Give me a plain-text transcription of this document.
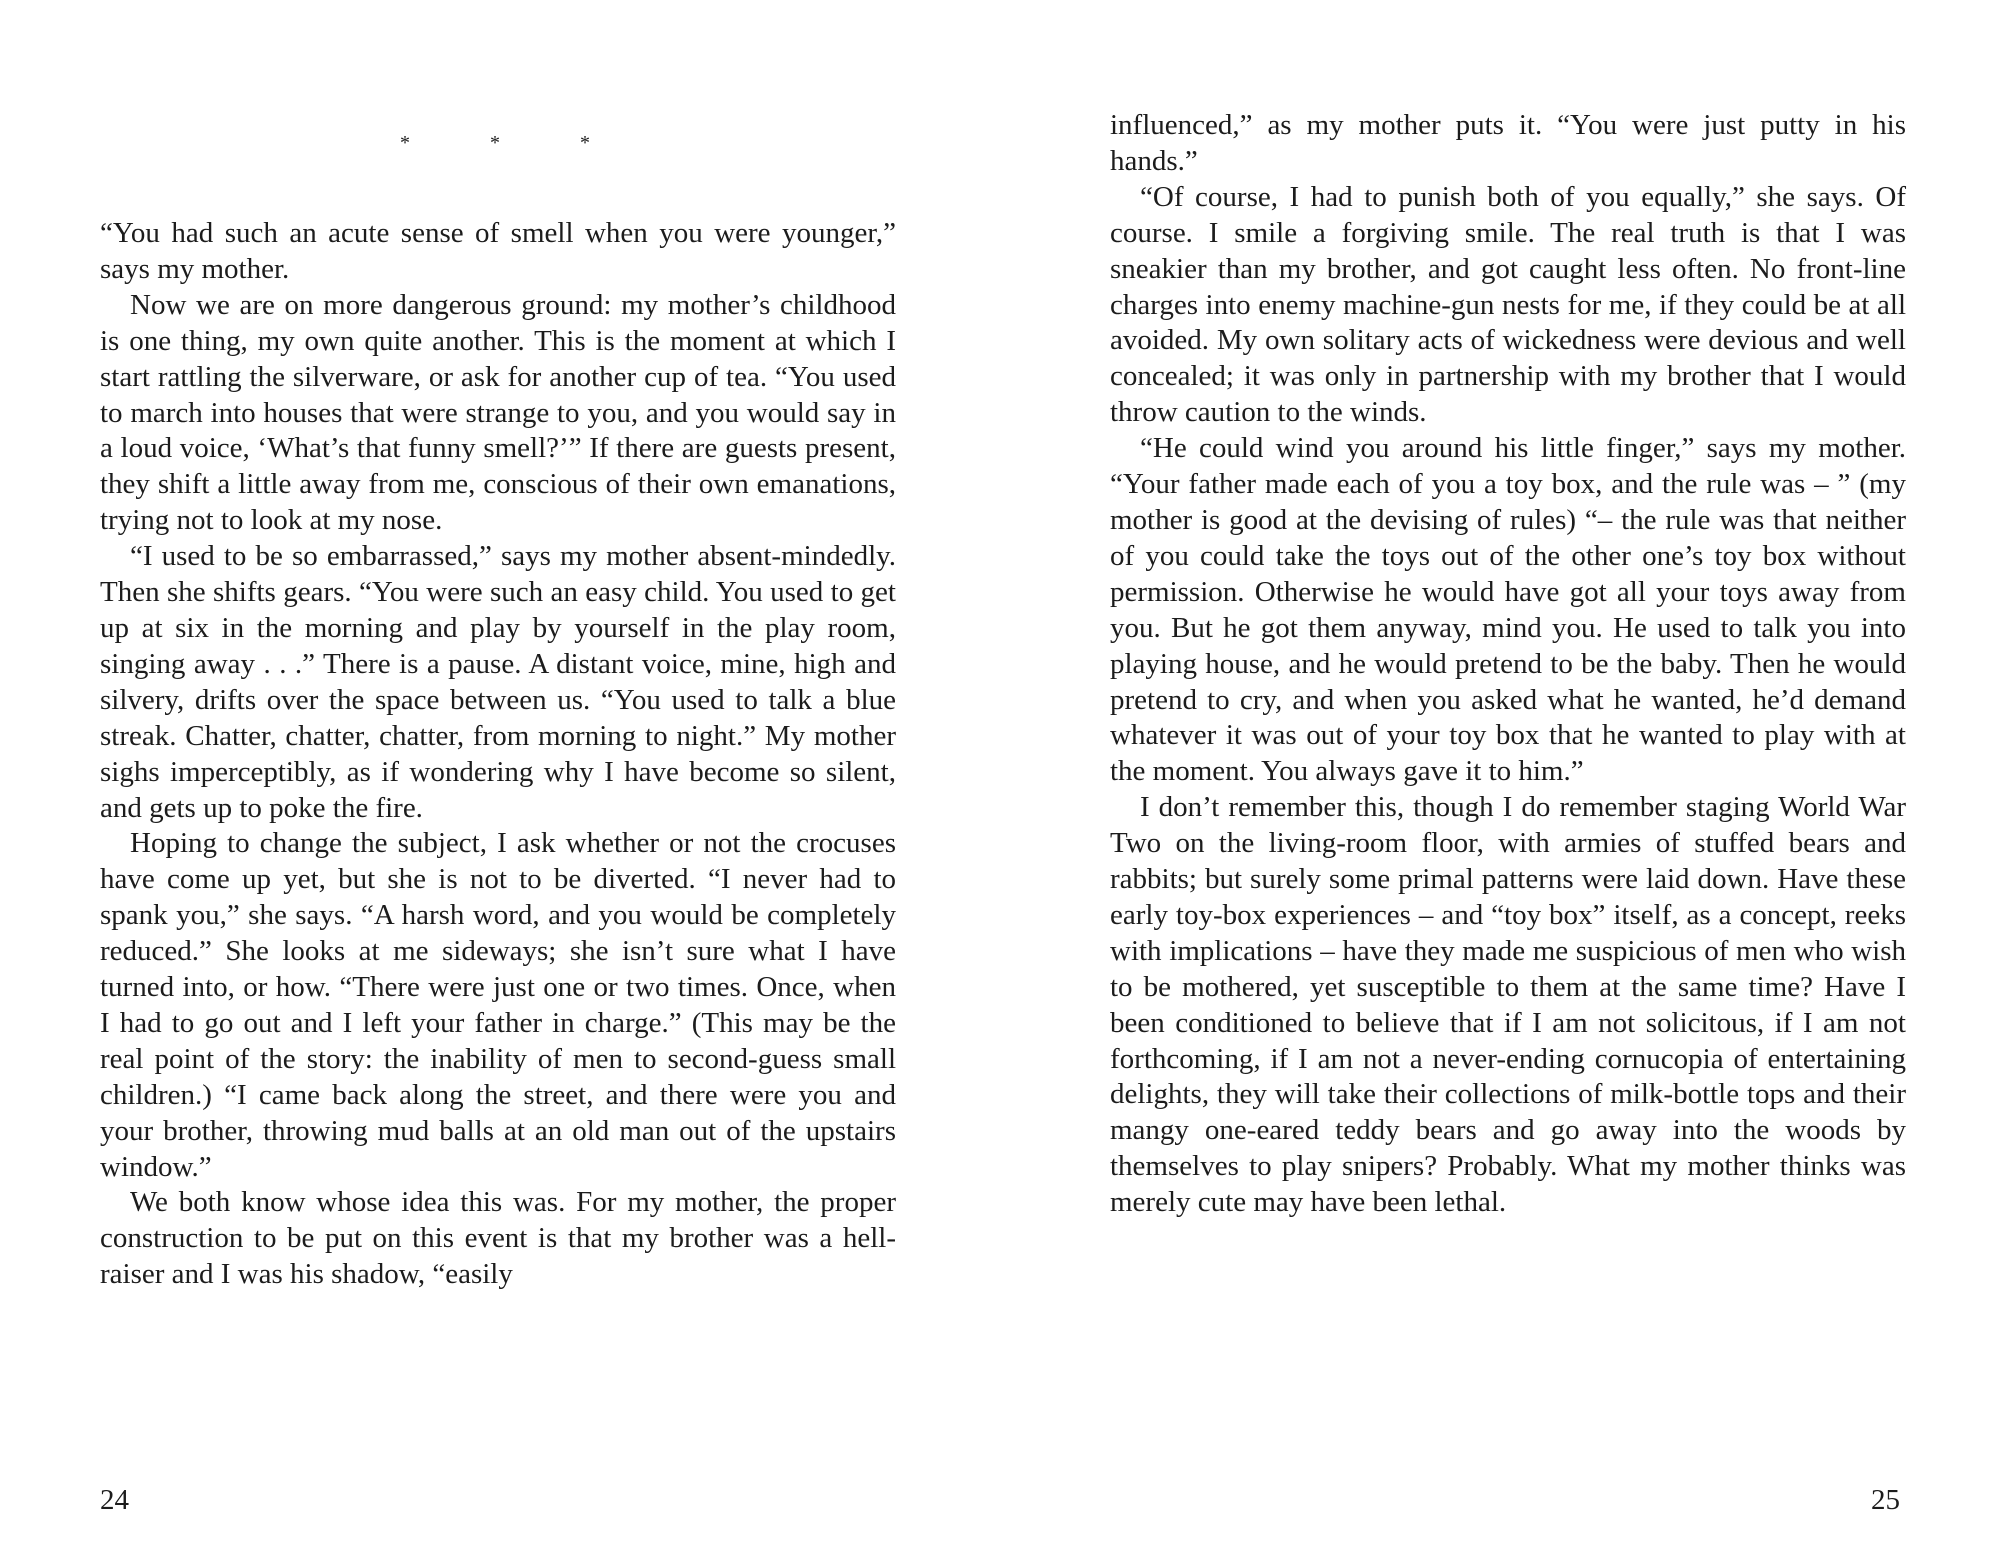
*	*	*

“You had such an acute sense of smell when you were younger,” says my mother.

Now we are on more dangerous ground: my mother’s childhood is one thing, my own quite another. This is the moment at which I start rattling the silverware, or ask for another cup of tea. “You used to march into houses that were strange to you, and you would say in a loud voice, ‘What’s that funny smell?’” If there are guests present, they shift a little away from me, conscious of their own emanations, trying not to look at my nose.

“I used to be so embarrassed,” says my mother absent-mindedly. Then she shifts gears. “You were such an easy child. You used to get up at six in the morning and play by yourself in the play room, singing away . . .” There is a pause. A distant voice, mine, high and silvery, drifts over the space between us. “You used to talk a blue streak. Chatter, chatter, chatter, from morning to night.” My mother sighs imperceptibly, as if wondering why I have become so silent, and gets up to poke the fire.

Hoping to change the subject, I ask whether or not the crocuses have come up yet, but she is not to be diverted. “I never had to spank you,” she says. “A harsh word, and you would be completely reduced.” She looks at me sideways; she isn’t sure what I have turned into, or how. “There were just one or two times. Once, when I had to go out and I left your father in charge.” (This may be the real point of the story: the inability of men to second-guess small children.) “I came back along the street, and there were you and your brother, throwing mud balls at an old man out of the upstairs window.”

We both know whose idea this was. For my mother, the proper construction to be put on this event is that my brother was a hell-raiser and I was his shadow, “easily

24

influenced,” as my mother puts it. “You were just putty in his hands.”

“Of course, I had to punish both of you equally,” she says. Of course. I smile a forgiving smile. The real truth is that I was sneakier than my brother, and got caught less often. No front-line charges into enemy machine-gun nests for me, if they could be at all avoided. My own solitary acts of wickedness were devious and well concealed; it was only in partnership with my brother that I would throw caution to the winds.

“He could wind you around his little finger,” says my mother. “Your father made each of you a toy box, and the rule was – ” (my mother is good at the devising of rules) “– the rule was that neither of you could take the toys out of the other one’s toy box without permission. Otherwise he would have got all your toys away from you. But he got them anyway, mind you. He used to talk you into playing house, and he would pretend to be the baby. Then he would pretend to cry, and when you asked what he wanted, he’d demand whatever it was out of your toy box that he wanted to play with at the moment. You always gave it to him.”

I don’t remember this, though I do remember staging World War Two on the living-room floor, with armies of stuffed bears and rabbits; but surely some primal patterns were laid down. Have these early toy-box experiences – and “toy box” itself, as a concept, reeks with implications – have they made me suspicious of men who wish to be mothered, yet susceptible to them at the same time? Have I been conditioned to believe that if I am not solicitous, if I am not forthcoming, if I am not a never-ending cornucopia of entertaining delights, they will take their collections of milk-bottle tops and their mangy one-eared teddy bears and go away into the woods by themselves to play snipers? Probably. What my mother thinks was merely cute may have been lethal.

25
